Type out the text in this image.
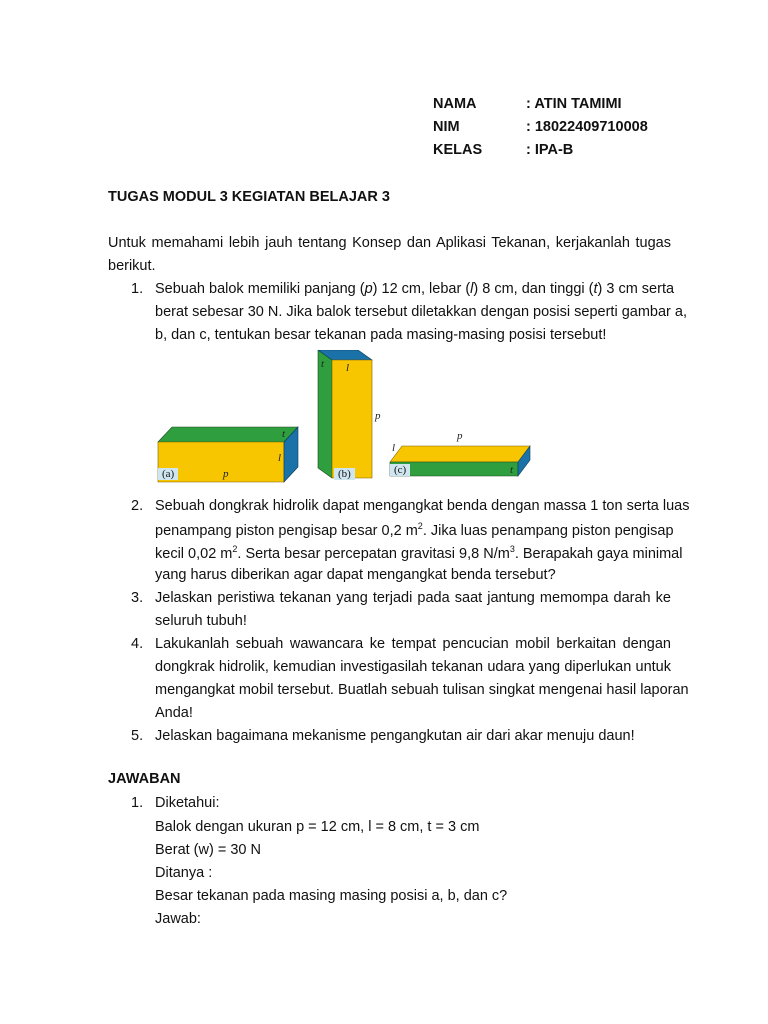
NAMA	: ATIN TAMIMI
NIM	: 18022409710008
KELAS	: IPA-B
TUGAS MODUL 3 KEGIATAN BELAJAR 3
Untuk memahami lebih jauh tentang Konsep dan Aplikasi Tekanan, kerjakanlah tugas
berikut.
1. Sebuah balok memiliki panjang (p) 12 cm, lebar (l) 8 cm, dan tinggi (t) 3 cm serta
berat sebesar 30 N. Jika balok tersebut diletakkan dengan posisi seperti gambar a,
b, dan c, tentukan besar tekanan pada masing-masing posisi tersebut!
(a)	p
l
t
t l
p
(b)
l
p
(c)	t
2. Sebuah dongkrak hidrolik dapat mengangkat benda dengan massa 1 ton serta luas
penampang piston pengisap besar 0,2 $m^2$. Jika luas penampang piston pengisap
kecil 0,02 $m^2$. Serta besar percepatan gravitasi 9,8 $N/m^3$. Berapakah gaya minimal
yang harus diberikan agar dapat mengangkat benda tersebut?
3. Jelaskan peristiwa tekanan yang terjadi pada saat jantung memompa darah ke
seluruh tubuh!
4. Lakukanlah sebuah wawancara ke tempat pencucian mobil berkaitan dengan
dongkrak hidrolik, kemudian investigasilah tekanan udara yang diperlukan untuk
mengangkat mobil tersebut. Buatlah sebuah tulisan singkat mengenai hasil laporan
Anda!
5. Jelaskan bagaimana mekanisme pengangkutan air dari akar menuju daun!
JAWABAN
1. Diketahui:
Balok dengan ukuran p = 12 cm, l = 8 cm, t = 3 cm
Berat (w) = 30 N
Ditanya :
Besar tekanan pada masing masing posisi a, b, dan c?
Jawab:
